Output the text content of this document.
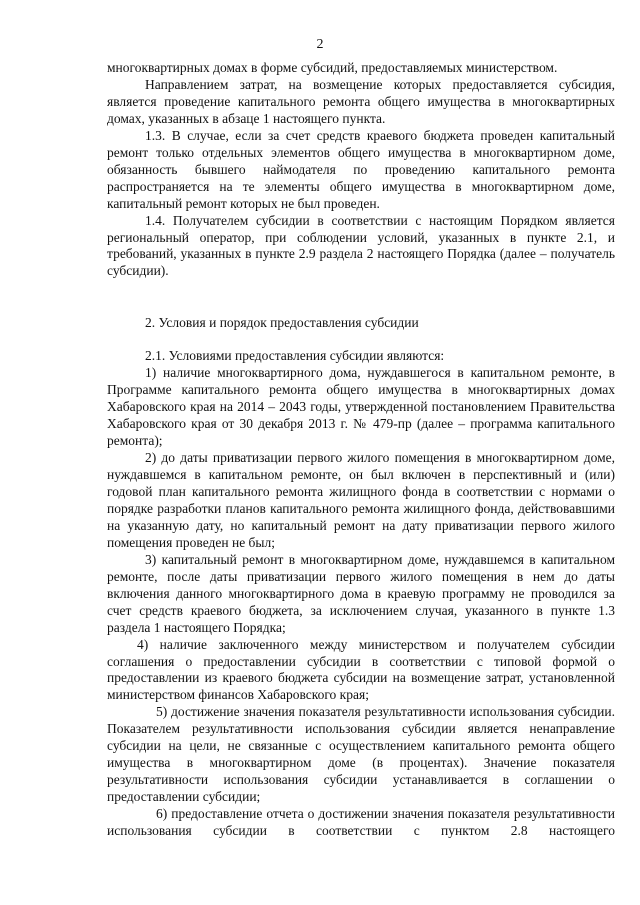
2

многоквартирных домах в форме субсидий, предоставляемых министерством.

Направлением затрат, на возмещение которых предоставляется субсидия, является проведение капитального ремонта общего имущества в многоквартирных домах, указанных в абзаце 1 настоящего пункта.

1.3. В случае, если за счет средств краевого бюджета проведен капитальный ремонт только отдельных элементов общего имущества в многоквартирном доме, обязанность бывшего наймодателя по проведению капитального ремонта распространяется на те элементы общего имущества в многоквартирном доме, капитальный ремонт которых не был проведен.

1.4. Получателем субсидии в соответствии с настоящим Порядком является региональный оператор, при соблюдении условий, указанных в пункте 2.1, и требований, указанных в пункте 2.9 раздела 2 настоящего Порядка (далее – получатель субсидии).

2. Условия и порядок предоставления субсидии

2.1. Условиями предоставления субсидии являются:

1) наличие многоквартирного дома, нуждавшегося в капитальном ремонте, в Программе капитального ремонта общего имущества в многоквартирных домах Хабаровского края на 2014 – 2043 годы, утвержденной постановлением Правительства Хабаровского края от 30 декабря 2013 г. № 479-пр (далее – программа капитального ремонта);

2) до даты приватизации первого жилого помещения в многоквартирном доме, нуждавшемся в капитальном ремонте, он был включен в перспективный и (или) годовой план капитального ремонта жилищного фонда в соответствии с нормами о порядке разработки планов капитального ремонта жилищного фонда, действовавшими на указанную дату, но капитальный ремонт на дату приватизации первого жилого помещения проведен не был;

3) капитальный ремонт в многоквартирном доме, нуждавшемся в капитальном ремонте, после даты приватизации первого жилого помещения в нем до даты включения данного многоквартирного дома в краевую программу не проводился за счет средств краевого бюджета, за исключением случая, указанного в пункте 1.3 раздела 1 настоящего Порядка;

4) наличие заключенного между министерством и получателем субсидии соглашения о предоставлении субсидии в соответствии с типовой формой о предоставлении из краевого бюджета субсидии на возмещение затрат, установленной министерством финансов Хабаровского края;

5) достижение значения показателя результативности использования субсидии. Показателем результативности использования субсидии является ненаправление субсидии на цели, не связанные с осуществлением капитального ремонта общего имущества в многоквартирном доме (в процентах). Значение показателя результативности использования субсидии устанавливается в соглашении о предоставлении субсидии;

6) предоставление отчета о достижении значения показателя результативности использования субсидии в соответствии с пунктом 2.8 настоящего
